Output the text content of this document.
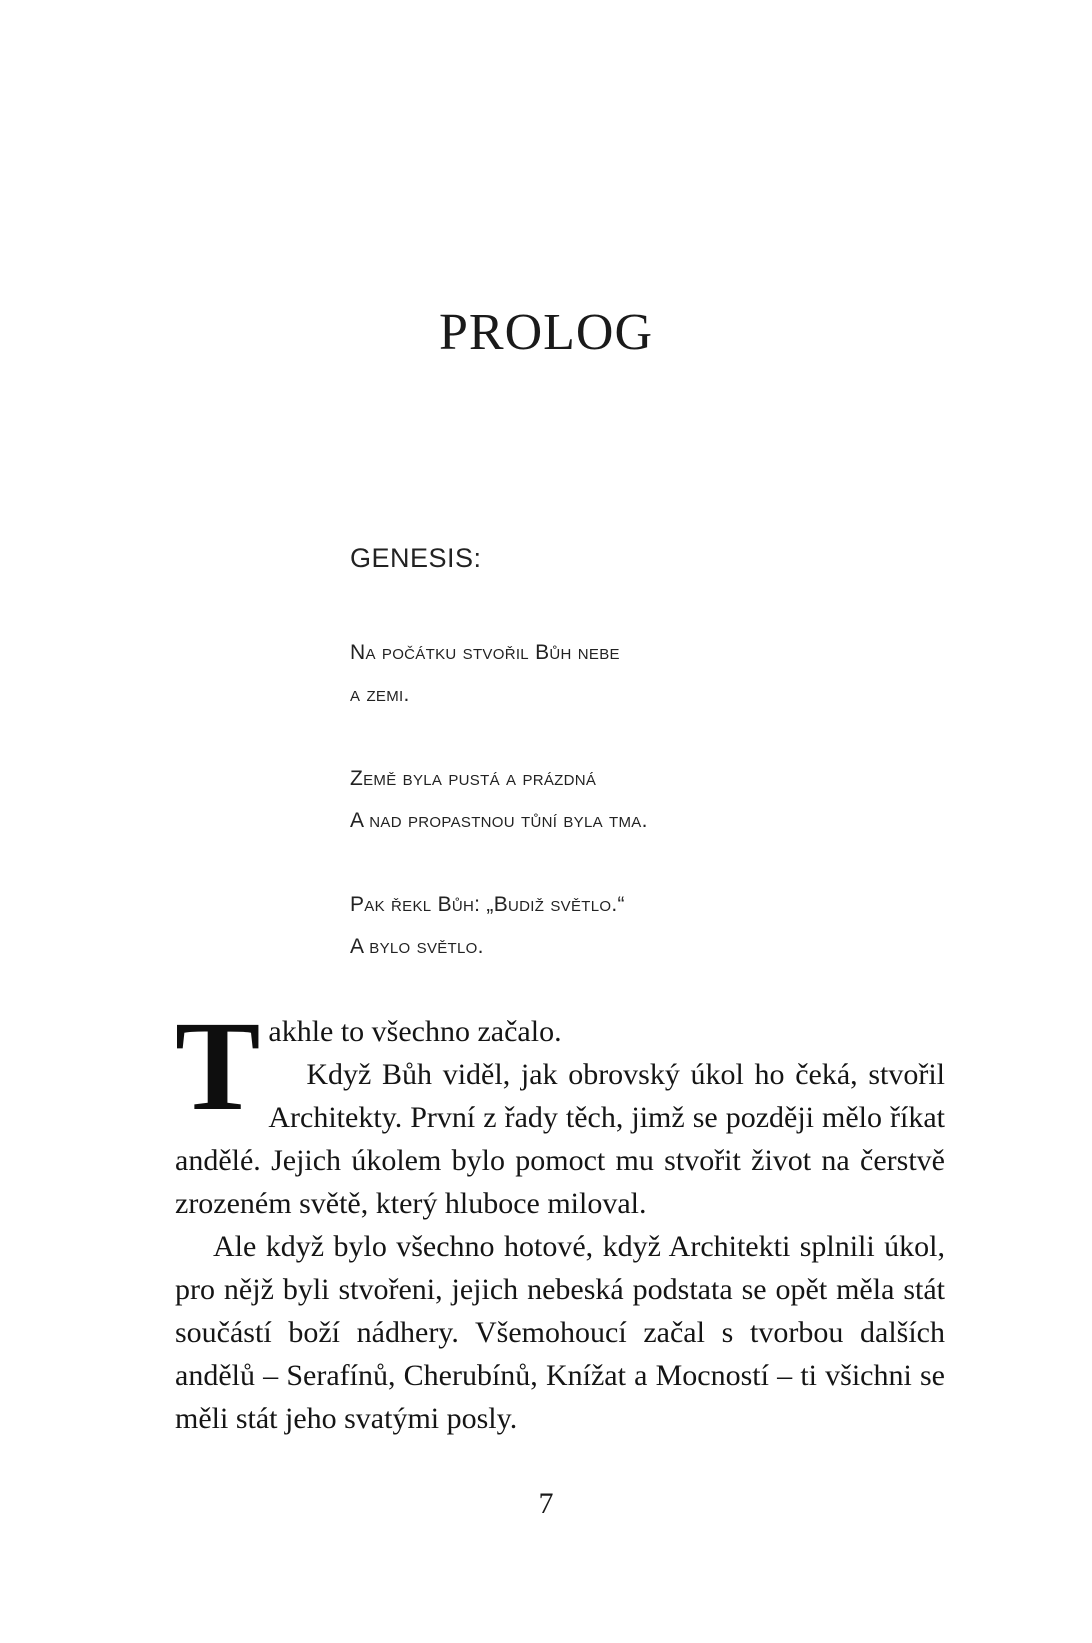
PROLOG

GENESIS:

Na počátku stvořil Bůh nebe
a zemi.

Země byla pustá a prázdná
A nad propastnou tůní byla tma.

Pak řekl Bůh: „Budiž světlo.“
A bylo světlo.

Takhle to všechno začalo.

Když Bůh viděl, jak obrovský úkol ho čeká, stvořil Architekty. První z řady těch, jimž se později mělo říkat andělé. Jejich úkolem bylo pomoct mu stvořit život na čerstvě zrozeném světě, který hluboce miloval.

Ale když bylo všechno hotové, když Architekti splnili úkol, pro nějž byli stvořeni, jejich nebeská podstata se opět měla stát součástí boží nádhery. Všemohoucí začal s tvorbou dalších andělů – Serafínů, Cherubínů, Knížat a Mocností – ti všichni se měli stát jeho svatými posly.

7
